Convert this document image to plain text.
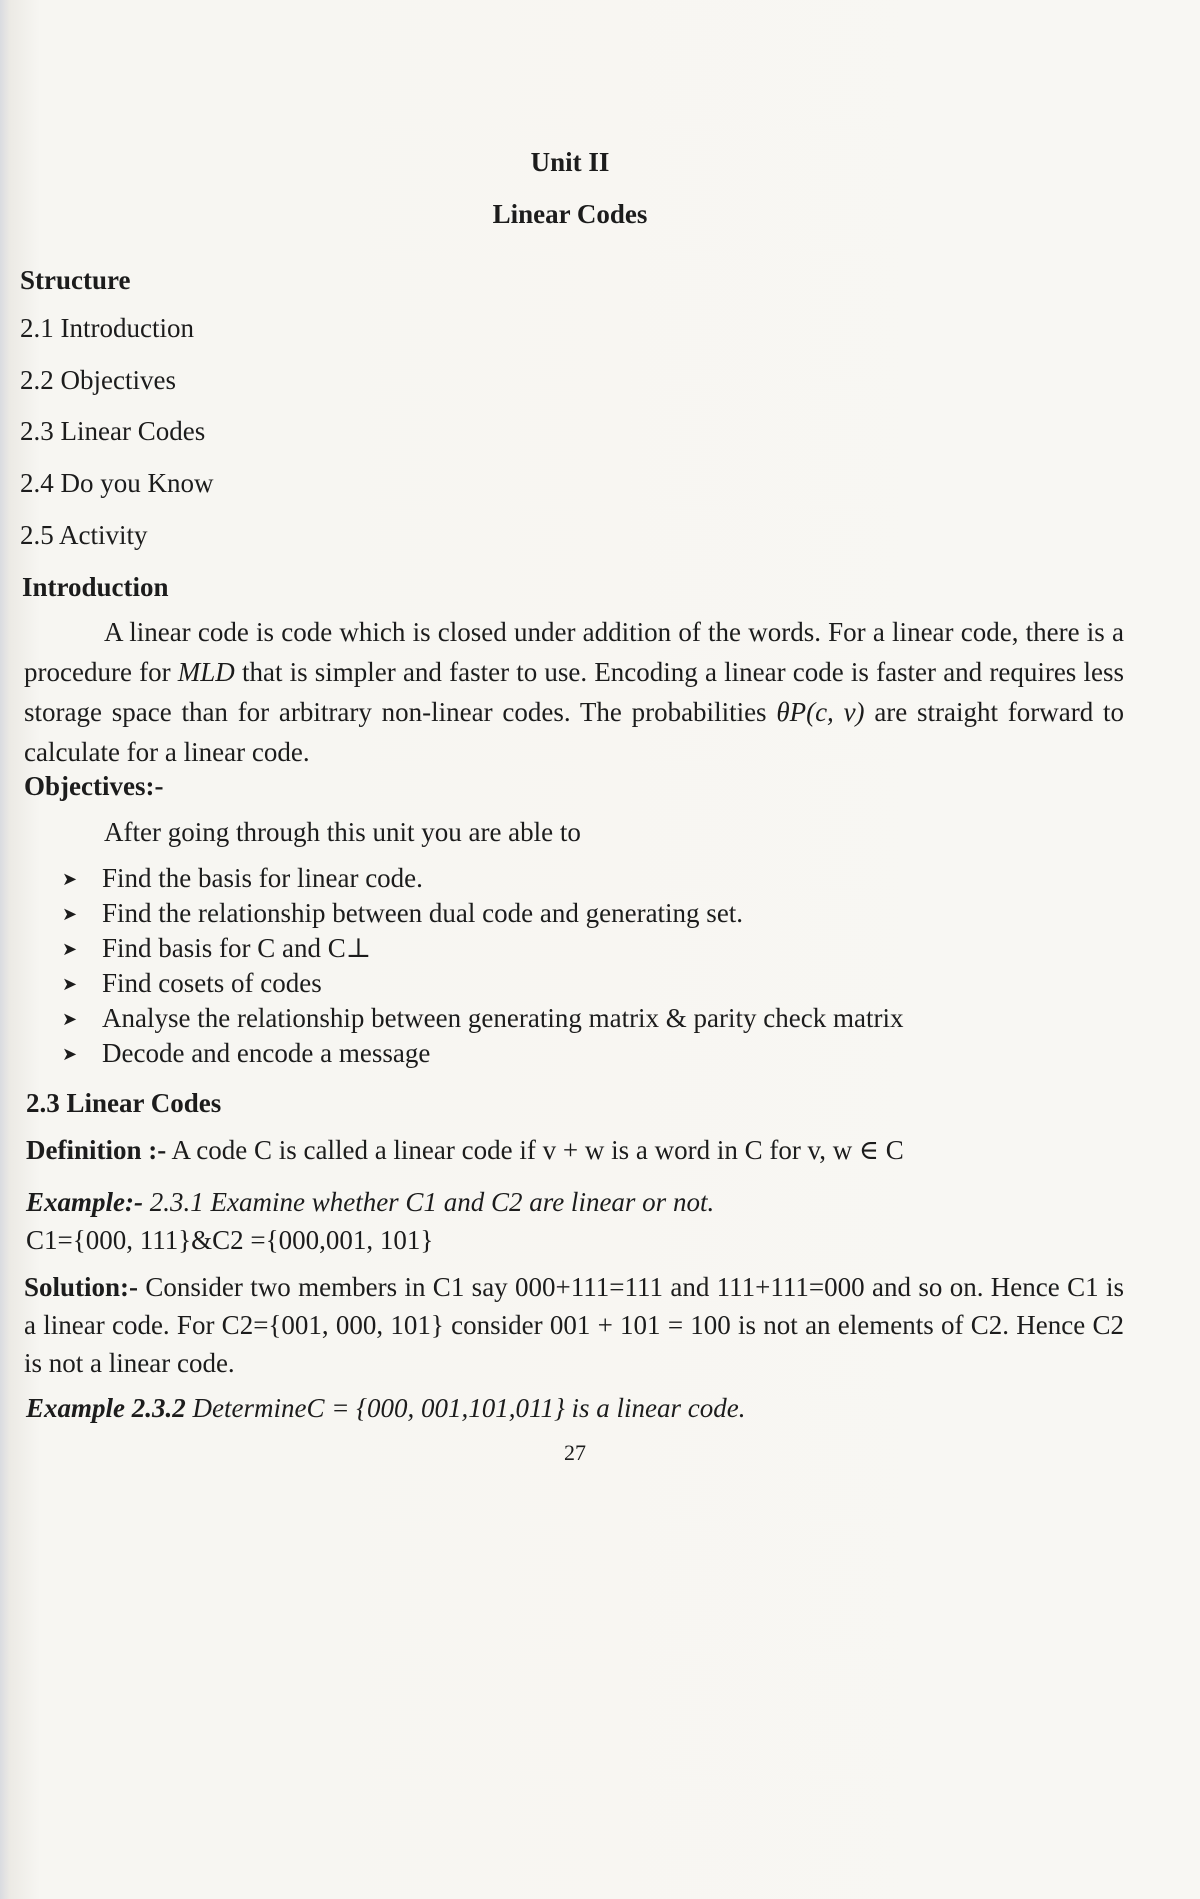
Unit II
Linear Codes
Structure
2.1 Introduction
2.2 Objectives
2.3 Linear Codes
2.4 Do you Know
2.5 Activity
Introduction
A linear code is code which is closed under addition of the words. For a linear code, there is a procedure for MLD that is simpler and faster to use. Encoding a linear code is faster and requires less storage space than for arbitrary non-linear codes. The probabilities θP(c, v) are straight forward to calculate for a linear code.
Objectives:-
After going through this unit you are able to
➤ Find the basis for linear code.
➤ Find the relationship between dual code and generating set.
➤ Find basis for C and C⊥
➤ Find cosets of codes
➤ Analyse the relationship between generating matrix & parity check matrix
➤ Decode and encode a message
2.3 Linear Codes
Definition :- A code C is called a linear code if v + w is a word in C for v, w ∈ C
Example:- 2.3.1 Examine whether C1 and C2 are linear or not.
C1={000, 111}&C2 ={000,001, 101}
Solution:- Consider two members in C1 say 000+111=111 and 111+111=000 and so on. Hence C1 is a linear code. For C2={001, 000, 101} consider 001 + 101 = 100 is not an elements of C2. Hence C2 is not a linear code.
Example 2.3.2 DetermineC = {000, 001,101,011} is a linear code.
27
